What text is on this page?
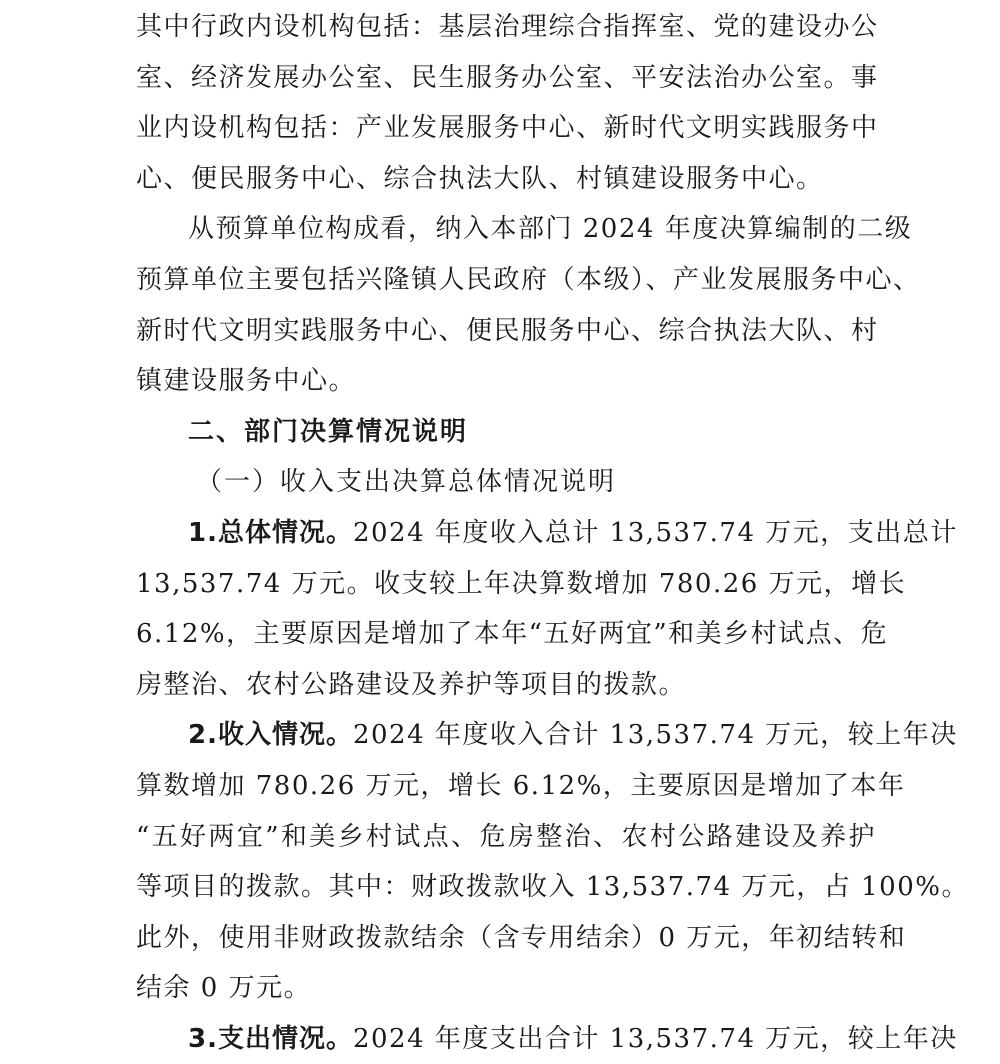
其中行政内设机构包括：基层治理综合指挥室、党的建设办公
室、经济发展办公室、民生服务办公室、平安法治办公室。事
业内设机构包括：产业发展服务中心、新时代文明实践服务中
心、便民服务中心、综合执法大队、村镇建设服务中心。
从预算单位构成看，纳入本部门 2024 年度决算编制的二级
预算单位主要包括兴隆镇人民政府（本级）、产业发展服务中心、
新时代文明实践服务中心、便民服务中心、综合执法大队、村
镇建设服务中心。
二、部门决算情况说明
（一）收入支出决算总体情况说明
1.总体情况。2024 年度收入总计 13,537.74 万元，支出总计
13,537.74 万元。收支较上年决算数增加 780.26 万元，增长
6.12%，主要原因是增加了本年“五好两宜”和美乡村试点、危
房整治、农村公路建设及养护等项目的拨款。
2.收入情况。2024 年度收入合计 13,537.74 万元，较上年决
算数增加 780.26 万元，增长 6.12%，主要原因是增加了本年
“五好两宜”和美乡村试点、危房整治、农村公路建设及养护
等项目的拨款。其中：财政拨款收入 13,537.74 万元，占 100%。
此外，使用非财政拨款结余（含专用结余）0 万元，年初结转和
结余 0 万元。
3.支出情况。2024 年度支出合计 13,537.74 万元，较上年决
